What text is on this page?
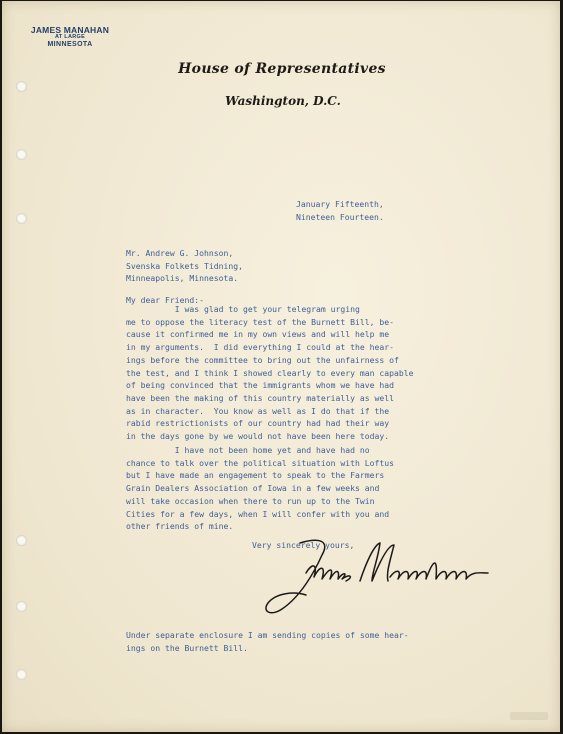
JAMES MANAHAN
AT LARGE
MINNESOTA
House of Representatives
Washington, D.C.
January Fifteenth,
Nineteen Fourteen.
Mr. Andrew G. Johnson,
Svenska Folkets Tidning,
Minneapolis, Minnesota.
My dear Friend:-
I was glad to get your telegram urging
me to oppose the literacy test of the Burnett Bill, be-
cause it confirmed me in my own views and will help me
in my arguments.  I did everything I could at the hear-
ings before the committee to bring out the unfairness of
the test, and I think I showed clearly to every man capable
of being convinced that the immigrants whom we have had
have been the making of this country materially as well
as in character.  You know as well as I do that if the
rabid restrictionists of our country had had their way
in the days gone by we would not have been here today.
I have not been home yet and have had no
chance to talk over the political situation with Loftus
but I have made an engagement to speak to the Farmers
Grain Dealers Association of Iowa in a few weeks and
will take occasion when there to run up to the Twin
Cities for a few days, when I will confer with you and
other friends of mine.
Very sincerely yours,
Under separate enclosure I am sending copies of some hear-
ings on the Burnett Bill.
